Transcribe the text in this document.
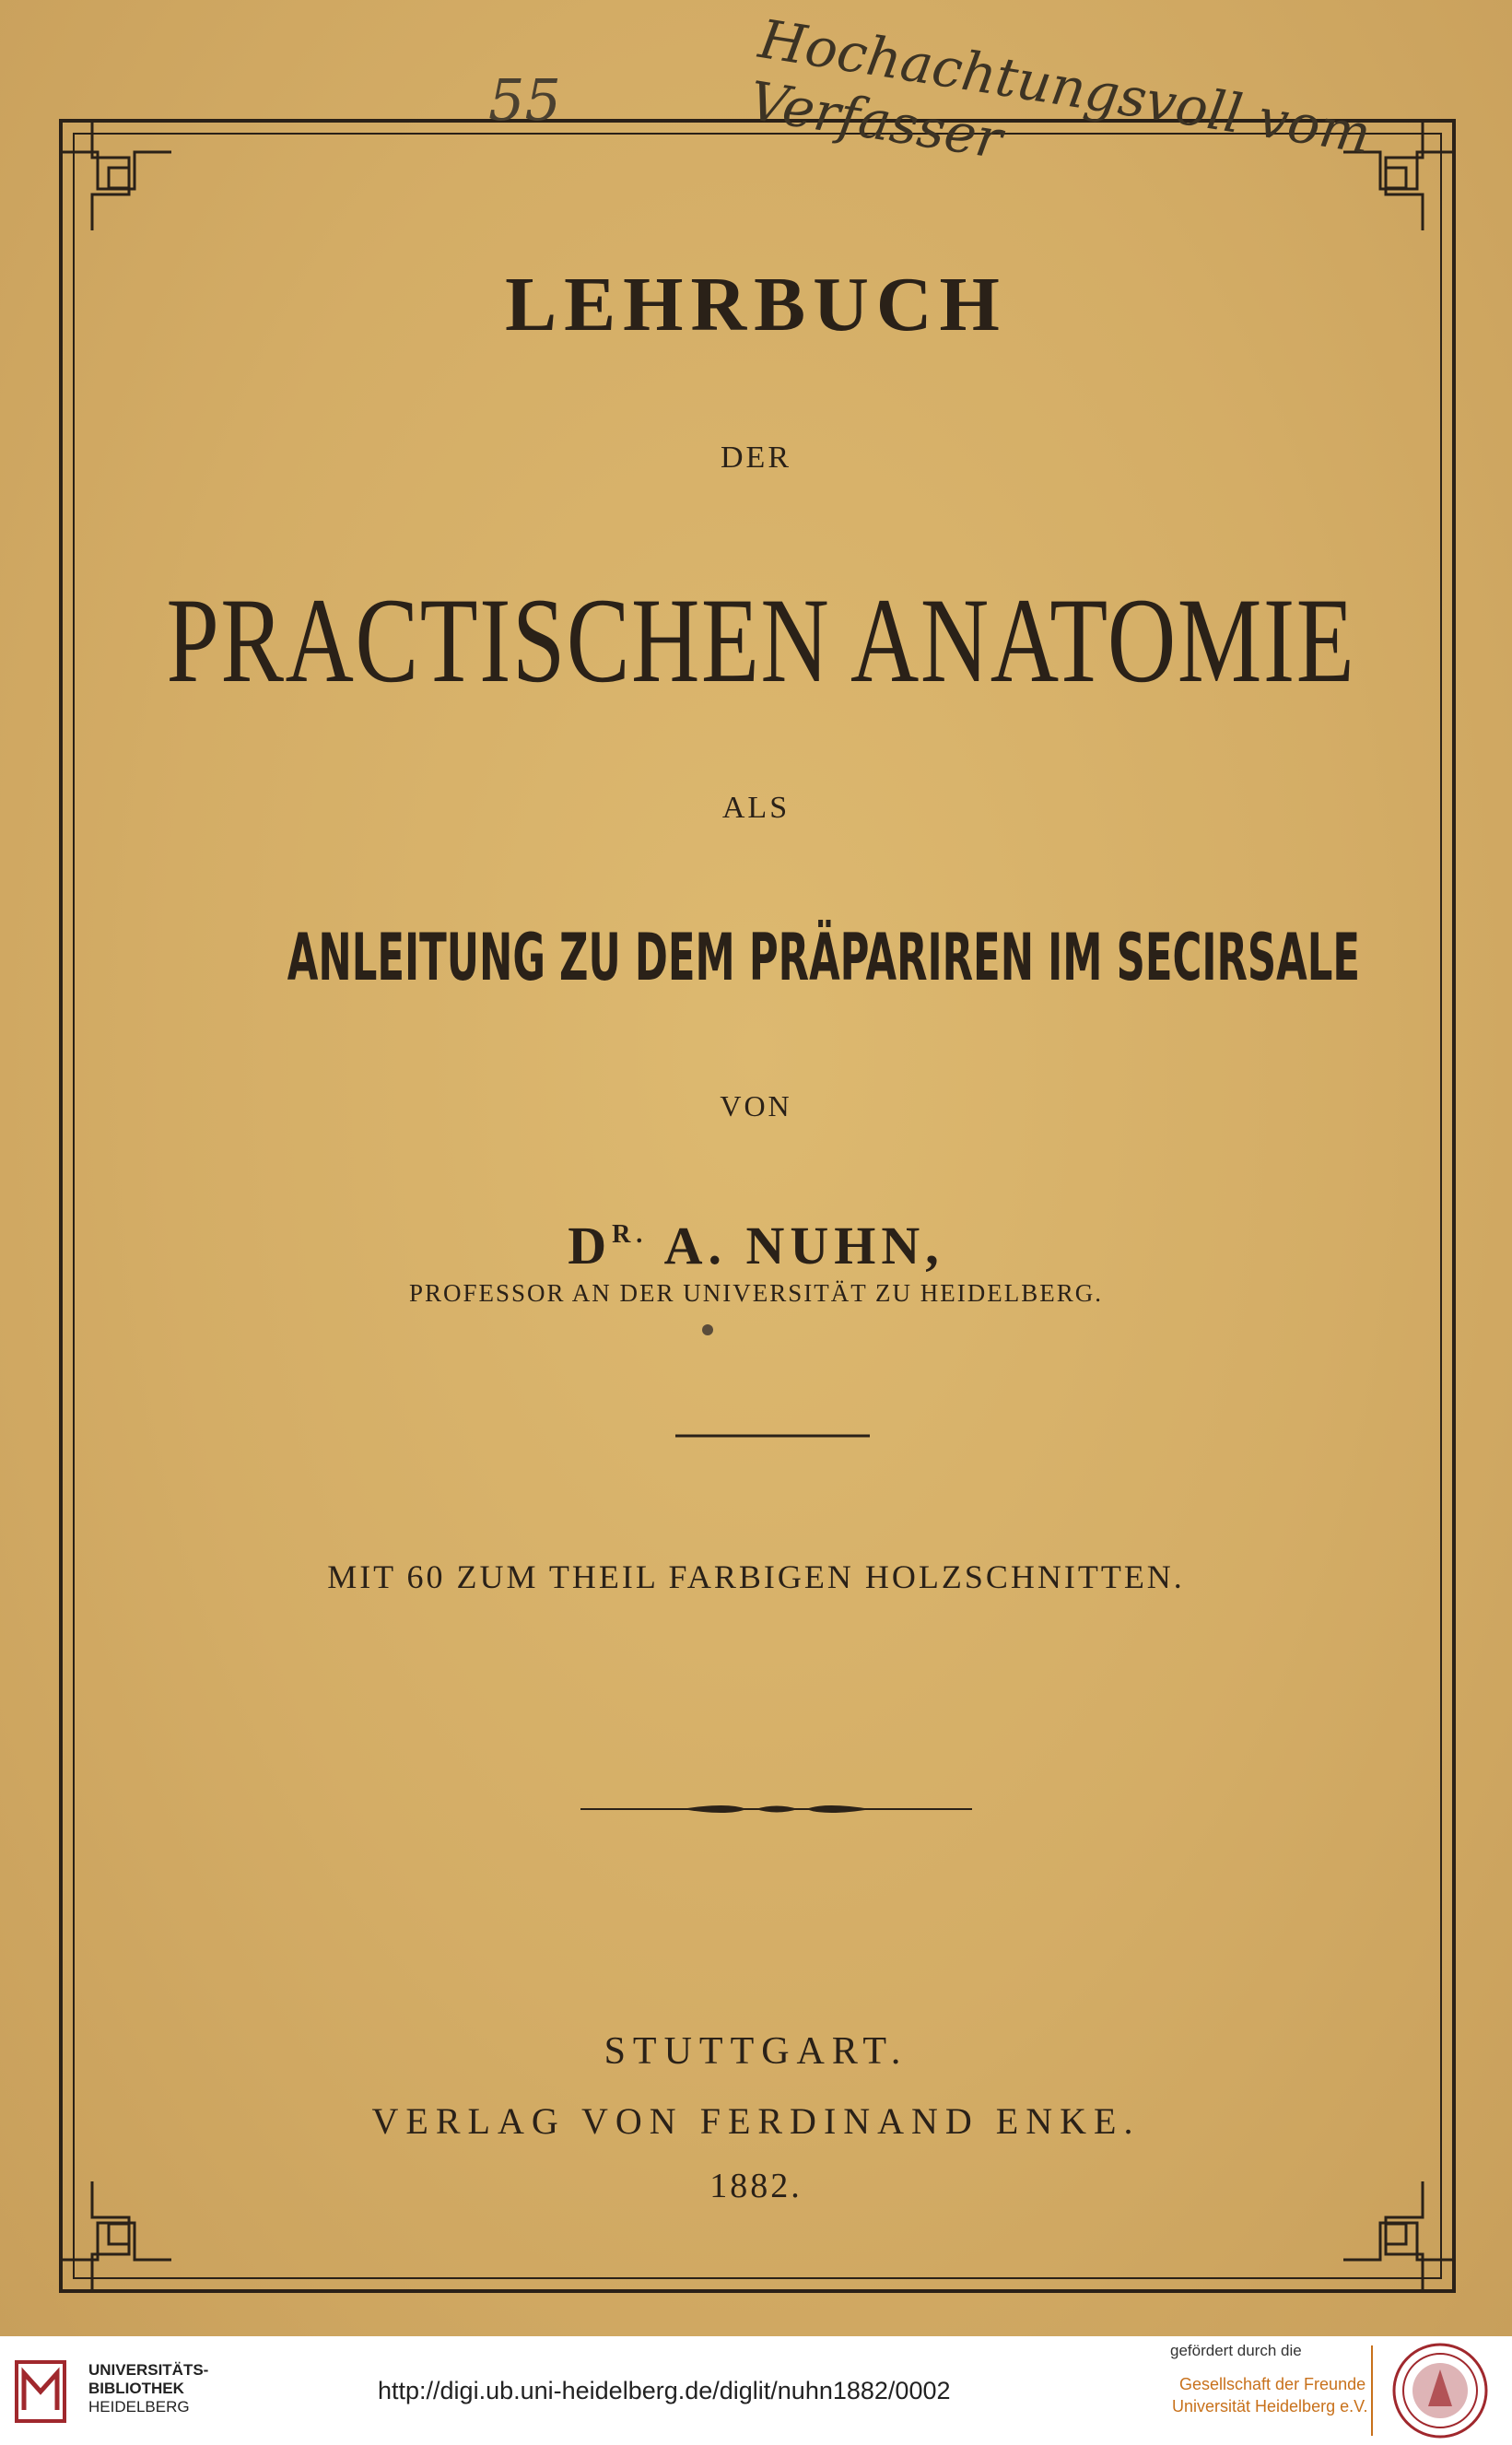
55	Hochachtungsvoll vom Verfasser
LEHRBUCH
DER
PRACTISCHEN ANATOMIE
ALS
ANLEITUNG ZU DEM PRÄPARIREN IM SECIRSALE
VON
$D^{R.}$ A. NUHN,
PROFESSOR AN DER UNIVERSITÄT ZU HEIDELBERG.
MIT 60 ZUM THEIL FARBIGEN HOLZSCHNITTEN.
STUTTGART.
VERLAG VON FERDINAND ENKE.
1882.
UNIVERSITÄTS-
BIBLIOTHEK
HEIDELBERG
http://digi.ub.uni-heidelberg.de/diglit/nuhn1882/0002
gefördert durch die
Gesellschaft der Freunde
Universität Heidelberg e.V.
